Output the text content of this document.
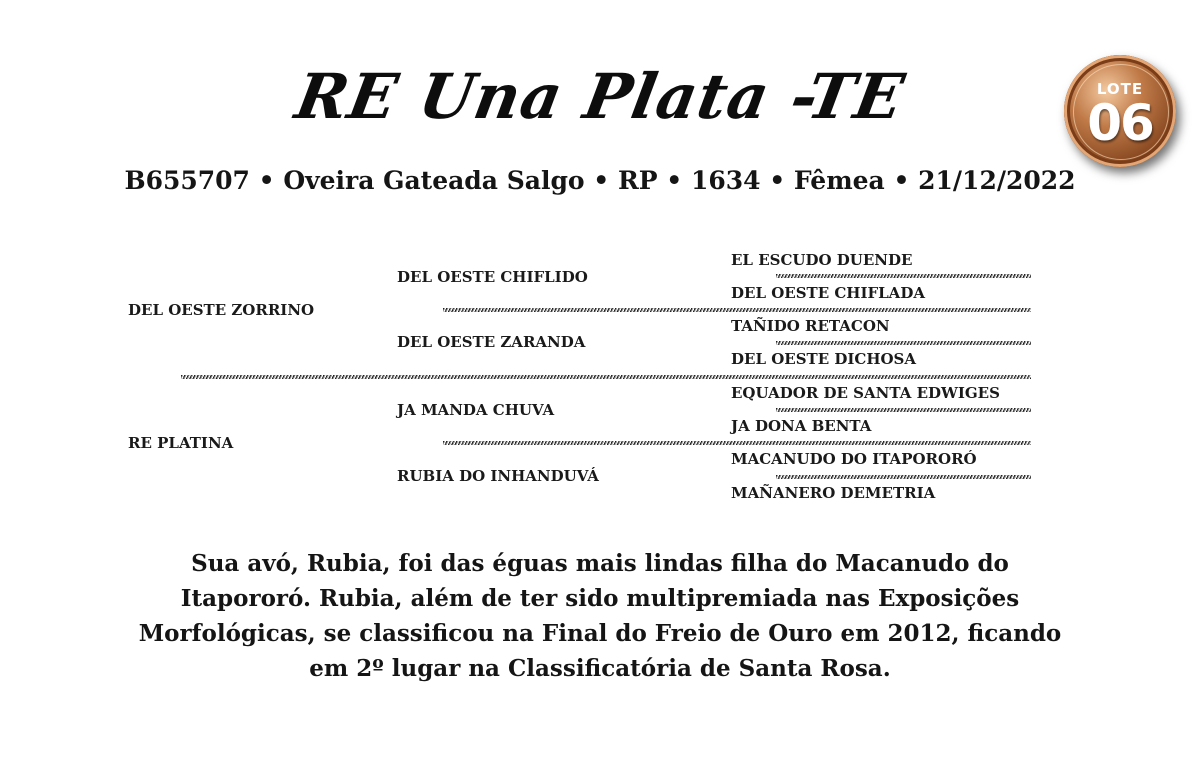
RE Una Plata -TE
B655707 • Oveira Gateada Salgo • RP • 1634 • Fêmea • 21/12/2022
LOTE
06
DEL OESTE ZORRINO
RE PLATINA
DEL OESTE CHIFLIDO
DEL OESTE ZARANDA
JA MANDA CHUVA
RUBIA DO INHANDUVÁ
EL ESCUDO DUENDE
DEL OESTE CHIFLADA
TAÑIDO RETACON
DEL OESTE DICHOSA
EQUADOR DE SANTA EDWIGES
JA DONA BENTA
MACANUDO DO ITAPORORÓ
MAÑANERO DEMETRIA
Sua avó, Rubia, foi das éguas mais lindas filha do Macanudo do
Itapororó. Rubia, além de ter sido multipremiada nas Exposições
Morfológicas, se classificou na Final do Freio de Ouro em 2012, ficando
em 2º lugar na Classificatória de Santa Rosa.
